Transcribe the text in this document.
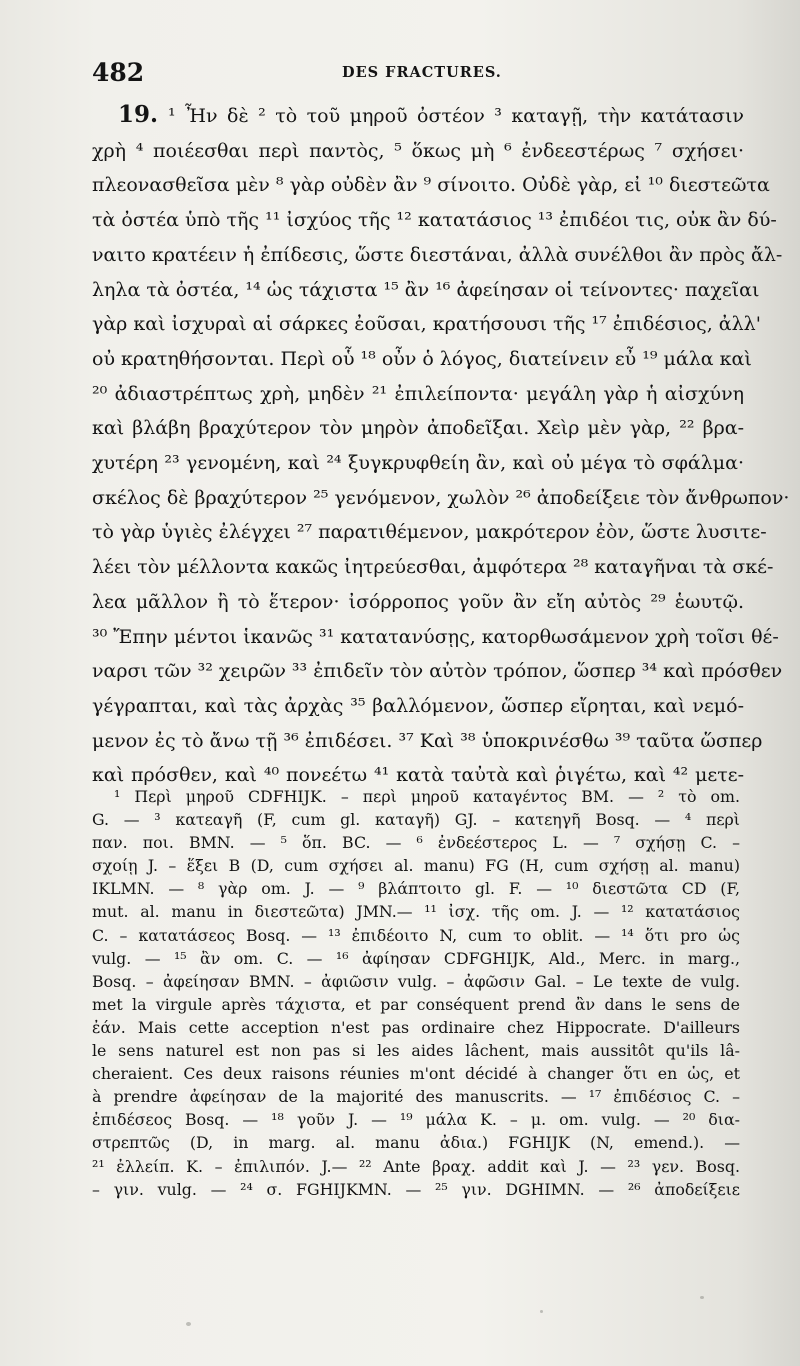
482	DES FRACTURES.
19. ¹ Ἦν δὲ ² τὸ τοῦ μηροῦ ὀστέον ³ καταγῇ, τὴν κατάτασιν
χρὴ ⁴ ποιέεσθαι περὶ παντὸς, ⁵ ὅκως μὴ ⁶ ἐνδεεστέρως ⁷ σχήσει·
πλεονασθεῖσα μὲν ⁸ γὰρ οὐδὲν ἂν ⁹ σίνοιτο. Οὐδὲ γὰρ, εἰ ¹⁰ διεστεῶτα
τὰ ὀστέα ὑπὸ τῆς ¹¹ ἰσχύος τῆς ¹² κατατάσιος ¹³ ἐπιδέοι τις, οὐκ ἂν δύ-
ναιτο κρατέειν ἡ ἐπίδεσις, ὥστε διεστάναι, ἀλλὰ συνέλθοι ἂν πρὸς ἄλ-
ληλα τὰ ὀστέα, ¹⁴ ὡς τάχιστα ¹⁵ ἂν ¹⁶ ἀφείησαν οἱ τείνοντες· παχεῖαι
γὰρ καὶ ἰσχυραὶ αἱ σάρκες ἐοῦσαι, κρατήσουσι τῆς ¹⁷ ἐπιδέσιος, ἀλλ'
οὐ κρατηθήσονται. Περὶ οὗ ¹⁸ οὖν ὁ λόγος, διατείνειν εὖ ¹⁹ μάλα καὶ
²⁰ ἀδιαστρέπτως χρὴ, μηδὲν ²¹ ἐπιλείποντα· μεγάλη γὰρ ἡ αἰσχύνη
καὶ βλάβη βραχύτερον τὸν μηρὸν ἀποδεῖξαι. Χεὶρ μὲν γὰρ, ²² βρα-
χυτέρη ²³ γενομένη, καὶ ²⁴ ξυγκρυφθείη ἂν, καὶ οὐ μέγα τὸ σφάλμα·
σκέλος δὲ βραχύτερον ²⁵ γενόμενον, χωλὸν ²⁶ ἀποδείξειε τὸν ἄνθρωπον·
τὸ γὰρ ὑγιὲς ἐλέγχει ²⁷ παρατιθέμενον, μακρότερον ἐὸν, ὥστε λυσιτε-
λέει τὸν μέλλοντα κακῶς ἰητρεύεσθαι, ἀμφότερα ²⁸ καταγῆναι τὰ σκέ-
λεα μᾶλλον ἢ τὸ ἕτερον· ἰσόρροπος γοῦν ἂν εἴη αὐτὸς ²⁹ ἑωυτῷ.
³⁰ Ἔπην μέντοι ἱκανῶς ³¹ κατατανύσῃς, κατορθωσάμενον χρὴ τοῖσι θέ-
ναρσι τῶν ³² χειρῶν ³³ ἐπιδεῖν τὸν αὐτὸν τρόπον, ὥσπερ ³⁴ καὶ πρόσθεν
γέγραπται, καὶ τὰς ἀρχὰς ³⁵ βαλλόμενον, ὥσπερ εἴρηται, καὶ νεμό-
μενον ἐς τὸ ἄνω τῇ ³⁶ ἐπιδέσει. ³⁷ Καὶ ³⁸ ὑποκρινέσθω ³⁹ ταῦτα ὥσπερ
καὶ πρόσθεν, καὶ ⁴⁰ πονεέτω ⁴¹ κατὰ ταὐτὰ καὶ ῥιγέτω, καὶ ⁴² μετε-
¹ Περὶ μηροῦ CDFHIJK. – περὶ μηροῦ καταγέντος BM. — ² τὸ om.
G. — ³ κατεαγῆ (F, cum gl. καταγῆ) GJ. – κατεηγῆ Bosq. — ⁴ περὶ
παν. ποι. BMN. — ⁵ ὅπ. BC. — ⁶ ἐνδεέστερος L. — ⁷ σχήσῃ C. –
σχοίῃ J. – ἕξει B (D, cum σχήσει al. manu) FG (H, cum σχήσῃ al. manu)
IKLMN. — ⁸ γὰρ om. J. — ⁹ βλάπτοιτο gl. F. — ¹⁰ διεστῶτα CD (F,
mut. al. manu in διεστεῶτα) JMN.— ¹¹ ἰσχ. τῆς om. J. — ¹² κατατάσιος
C. – κατατάσεος Bosq. — ¹³ ἐπιδέοιτο N, cum το oblit. — ¹⁴ ὅτι pro ὡς
vulg. — ¹⁵ ἂν om. C. — ¹⁶ ἀφίησαν CDFGHIJK, Ald., Merc. in marg.,
Bosq. – ἀφείησαν BMN. – ἀφιῶσιν vulg. – ἀφῶσιν Gal. – Le texte de vulg.
met la virgule après τάχιστα, et par conséquent prend ἂν dans le sens de
ἐάν. Mais cette acception n'est pas ordinaire chez Hippocrate. D'ailleurs
le sens naturel est non pas si les aides lâchent, mais aussitôt qu'ils lâ-
cheraient. Ces deux raisons réunies m'ont décidé à changer ὅτι en ὡς, et
à prendre ἀφείησαν de la majorité des manuscrits. — ¹⁷ ἐπιδέσιος C. –
ἐπιδέσεος Bosq. — ¹⁸ γοῦν J. — ¹⁹ μάλα K. – μ. om. vulg. — ²⁰ δια-
στρεπτῶς (D, in marg. al. manu ἀδια.) FGHIJK (N, emend.). —
²¹ ἐλλείπ. K. – ἐπιλιπόν. J.— ²² Ante βραχ. addit καὶ J. — ²³ γεν. Bosq.
– γιν. vulg. — ²⁴ σ. FGHIJKMN. — ²⁵ γιν. DGHIMN. — ²⁶ ἀποδείξειε
